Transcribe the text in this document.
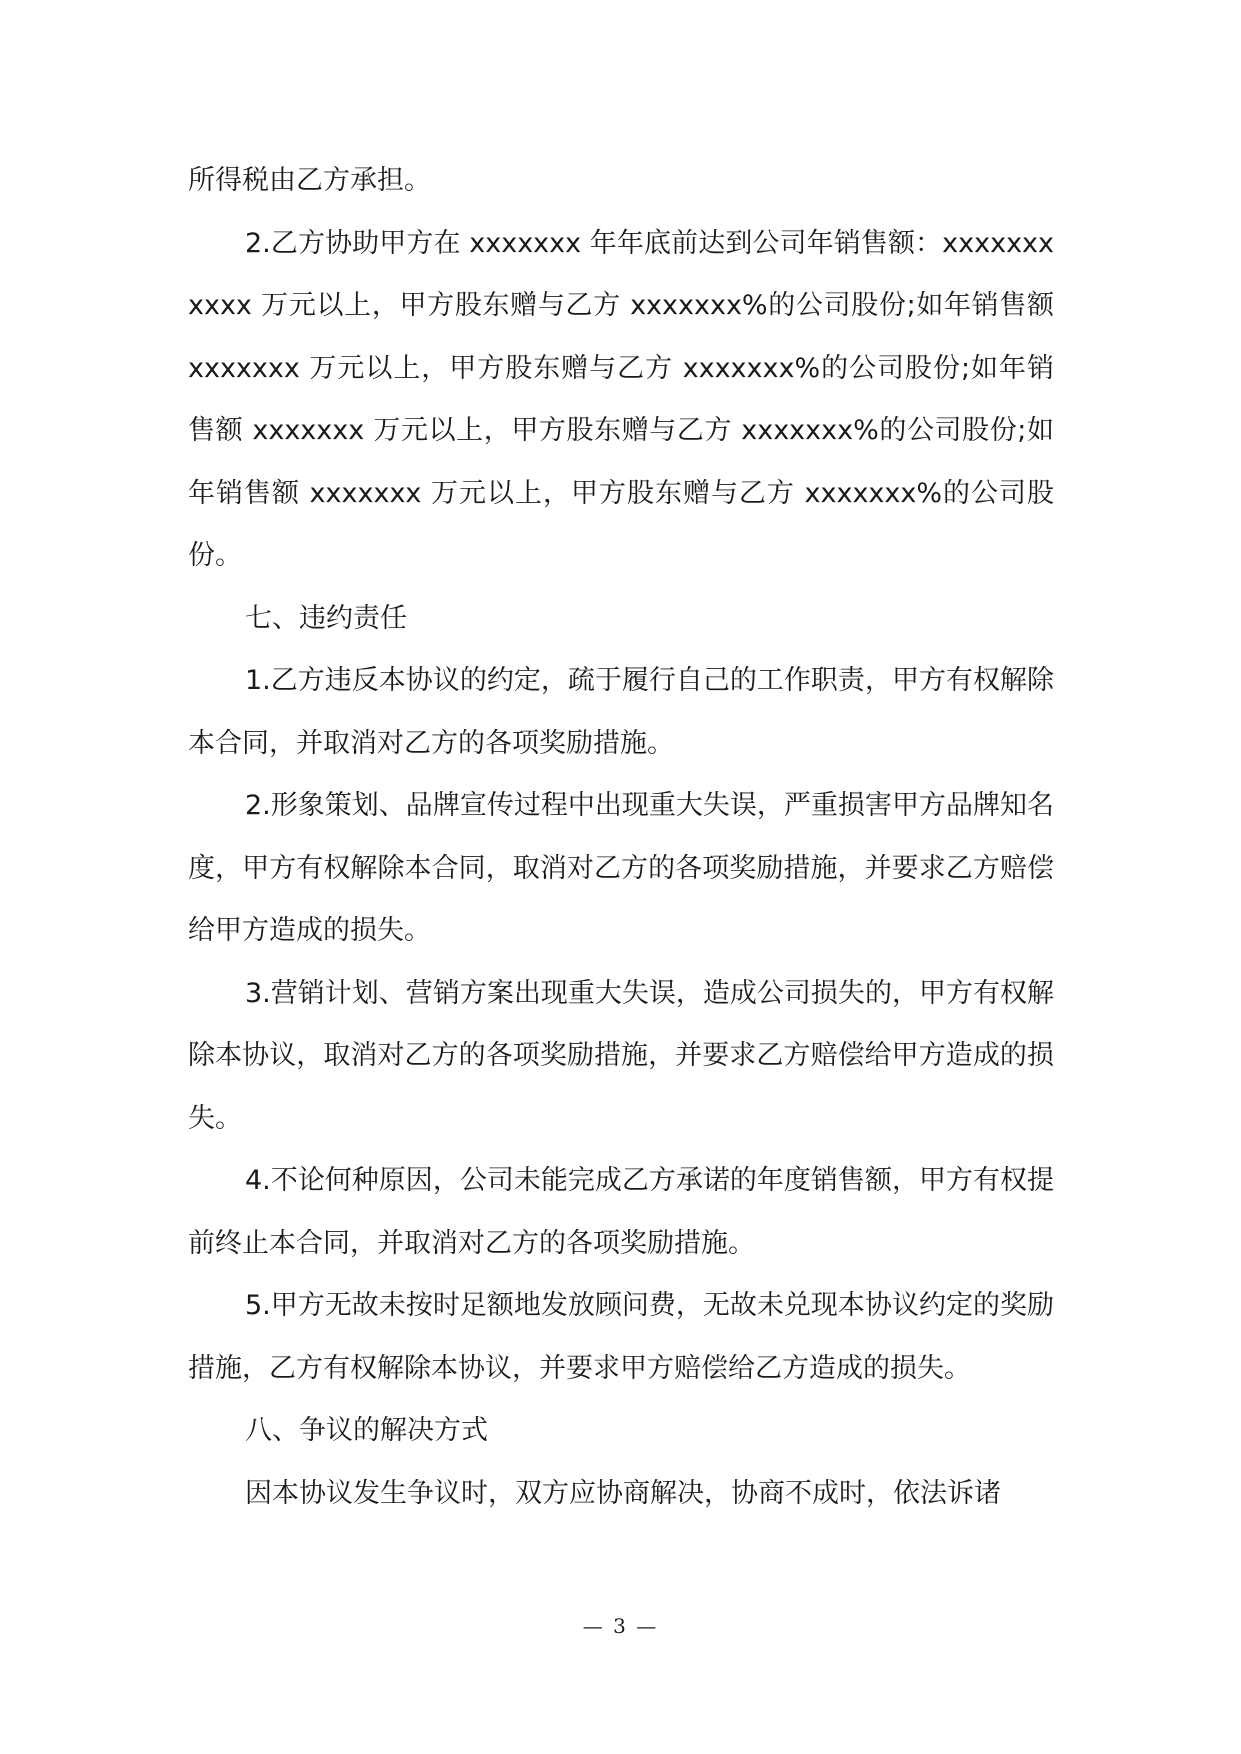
所得税由乙方承担。

2.乙方协助甲方在 xxxxxxx 年年底前达到公司年销售额：xxxxxxxxxxx 万元以上，甲方股东赠与乙方 xxxxxxx%的公司股份;如年销售额 xxxxxxx 万元以上，甲方股东赠与乙方 xxxxxxx%的公司股份;如年销售额 xxxxxxx 万元以上，甲方股东赠与乙方 xxxxxxx%的公司股份;如年销售额 xxxxxxx 万元以上，甲方股东赠与乙方 xxxxxxx%的公司股份。

七、违约责任

1.乙方违反本协议的约定，疏于履行自己的工作职责，甲方有权解除本合同，并取消对乙方的各项奖励措施。

2.形象策划、品牌宣传过程中出现重大失误，严重损害甲方品牌知名度，甲方有权解除本合同，取消对乙方的各项奖励措施，并要求乙方赔偿给甲方造成的损失。

3.营销计划、营销方案出现重大失误，造成公司损失的，甲方有权解除本协议，取消对乙方的各项奖励措施，并要求乙方赔偿给甲方造成的损失。

4.不论何种原因，公司未能完成乙方承诺的年度销售额，甲方有权提前终止本合同，并取消对乙方的各项奖励措施。

5.甲方无故未按时足额地发放顾问费，无故未兑现本协议约定的奖励措施，乙方有权解除本协议，并要求甲方赔偿给乙方造成的损失。

八、争议的解决方式

因本协议发生争议时，双方应协商解决，协商不成时，依法诉诸

— 3 —
